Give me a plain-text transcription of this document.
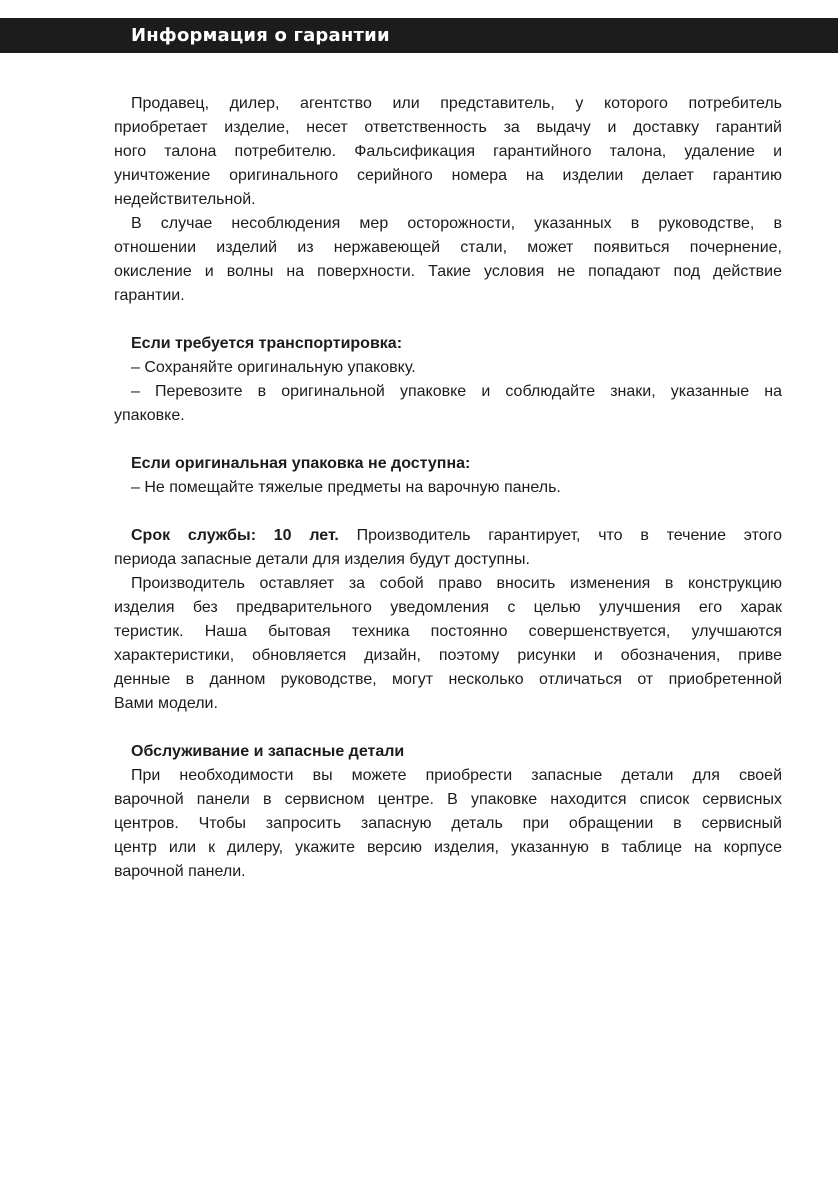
Информация о гарантии
Продавец, дилер, агентство или представитель, у которого потребитель
приобретает изделие, несет ответственность за выдачу и доставку гарантий
ного талона потребителю. Фальсификация гарантийного талона, удаление и
уничтожение оригинального серийного номера на изделии делает гарантию
недействительной.
В случае несоблюдения мер осторожности, указанных в руководстве, в
отношении изделий из нержавеющей стали, может появиться почернение,
окисление и волны на поверхности. Такие условия не попадают под действие
гарантии.
Если требуется транспортировка:
– Сохраняйте оригинальную упаковку.
– Перевозите в оригинальной упаковке и соблюдайте знаки, указанные на
упаковке.
Если оригинальная упаковка не доступна:
– Не помещайте тяжелые предметы на варочную панель.
Срок службы: 10 лет. Производитель гарантирует, что в течение этого
периода запасные детали для изделия будут доступны.
Производитель оставляет за собой право вносить изменения в конструкцию
изделия без предварительного уведомления с целью улучшения его харак
теристик. Наша бытовая техника постоянно совершенствуется, улучшаются
характеристики, обновляется дизайн, поэтому рисунки и обозначения, приве
денные в данном руководстве, могут несколько отличаться от приобретенной
Вами модели.
Обслуживание и запасные детали
При необходимости вы можете приобрести запасные детали для своей
варочной панели в сервисном центре. В упаковке находится список сервисных
центров. Чтобы запросить запасную деталь при обращении в сервисный
центр или к дилеру, укажите версию изделия, указанную в таблице на корпусе
варочной панели.
